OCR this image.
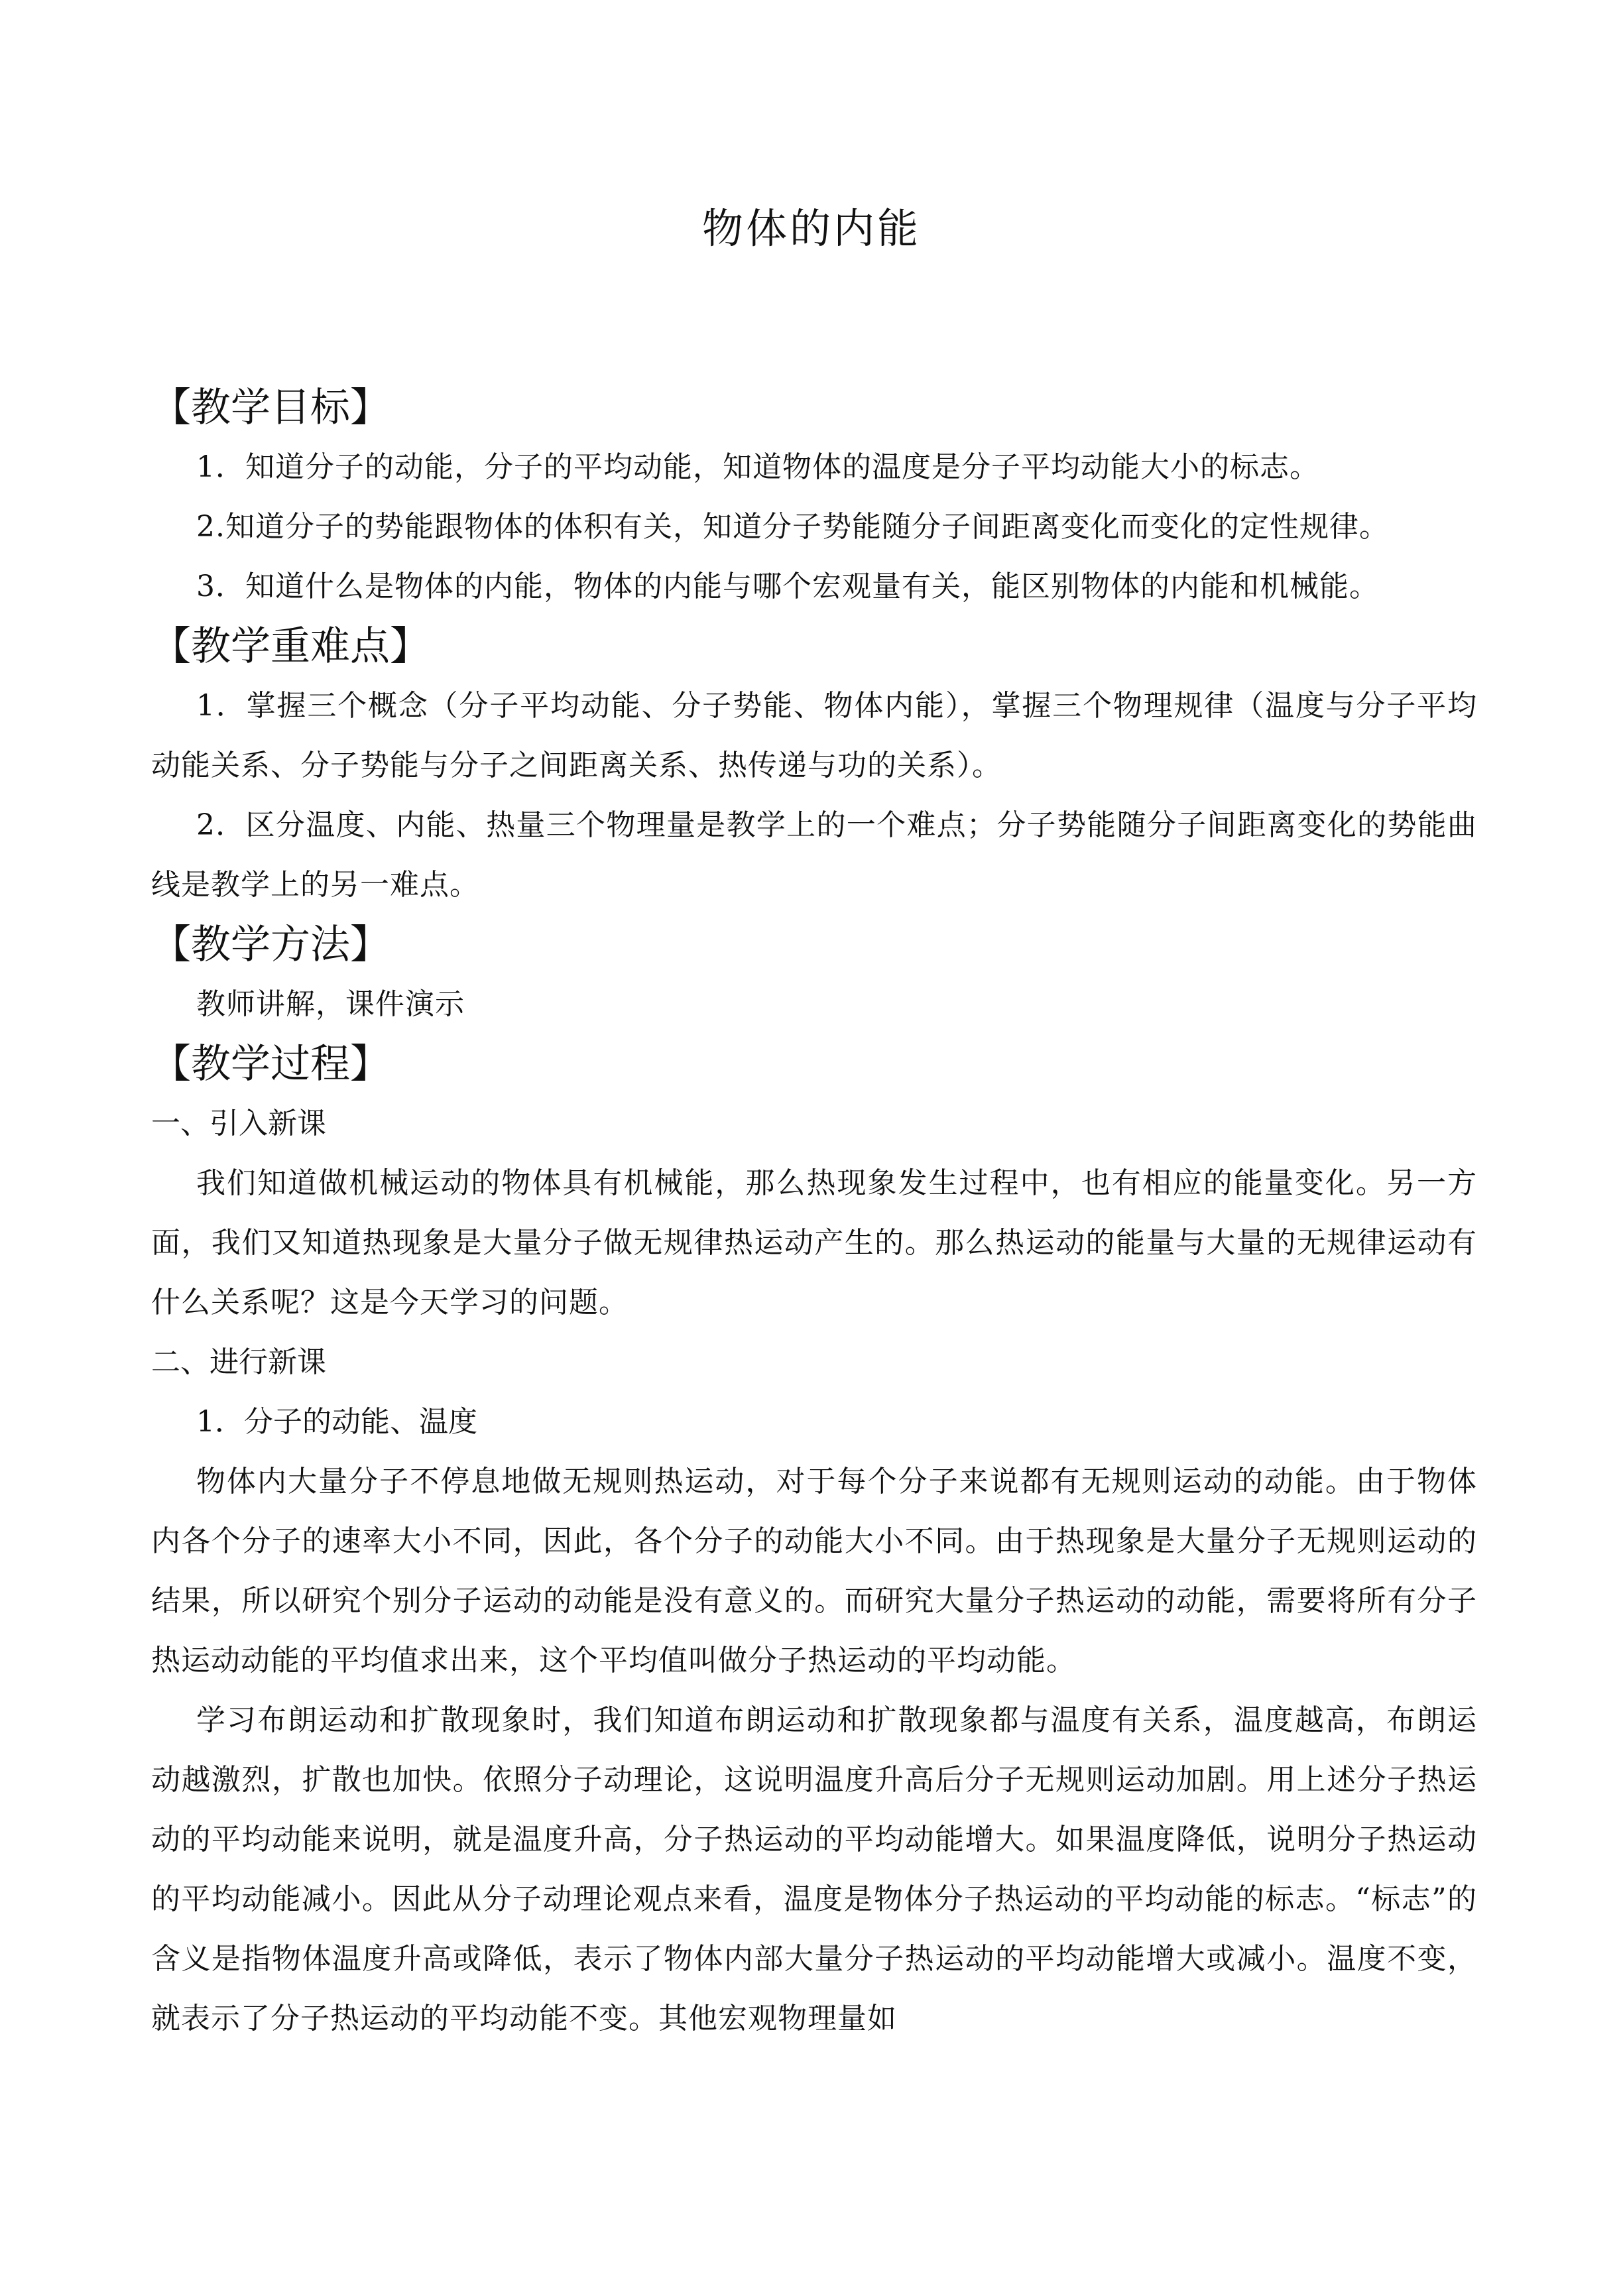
物体的内能
【教学目标】
1．知道分子的动能，分子的平均动能，知道物体的温度是分子平均动能大小的标志。
2.知道分子的势能跟物体的体积有关，知道分子势能随分子间距离变化而变化的定性规律。
3．知道什么是物体的内能，物体的内能与哪个宏观量有关，能区别物体的内能和机械能。
【教学重难点】
1．掌握三个概念（分子平均动能、分子势能、物体内能），掌握三个物理规律（温度与分子平均动能关系、分子势能与分子之间距离关系、热传递与功的关系）。
2．区分温度、内能、热量三个物理量是教学上的一个难点；分子势能随分子间距离变化的势能曲线是教学上的另一难点。
【教学方法】
教师讲解，课件演示
【教学过程】
一、引入新课
我们知道做机械运动的物体具有机械能，那么热现象发生过程中，也有相应的能量变化。另一方面，我们又知道热现象是大量分子做无规律热运动产生的。那么热运动的能量与大量的无规律运动有什么关系呢？这是今天学习的问题。
二、进行新课
1．分子的动能、温度
物体内大量分子不停息地做无规则热运动，对于每个分子来说都有无规则运动的动能。由于物体内各个分子的速率大小不同，因此，各个分子的动能大小不同。由于热现象是大量分子无规则运动的结果，所以研究个别分子运动的动能是没有意义的。而研究大量分子热运动的动能，需要将所有分子热运动动能的平均值求出来，这个平均值叫做分子热运动的平均动能。
学习布朗运动和扩散现象时，我们知道布朗运动和扩散现象都与温度有关系，温度越高，布朗运动越激烈，扩散也加快。依照分子动理论，这说明温度升高后分子无规则运动加剧。用上述分子热运动的平均动能来说明，就是温度升高，分子热运动的平均动能增大。如果温度降低，说明分子热运动的平均动能减小。因此从分子动理论观点来看，温度是物体分子热运动的平均动能的标志。“标志”的含义是指物体温度升高或降低，表示了物体内部大量分子热运动的平均动能增大或减小。温度不变，就表示了分子热运动的平均动能不变。其他宏观物理量如
